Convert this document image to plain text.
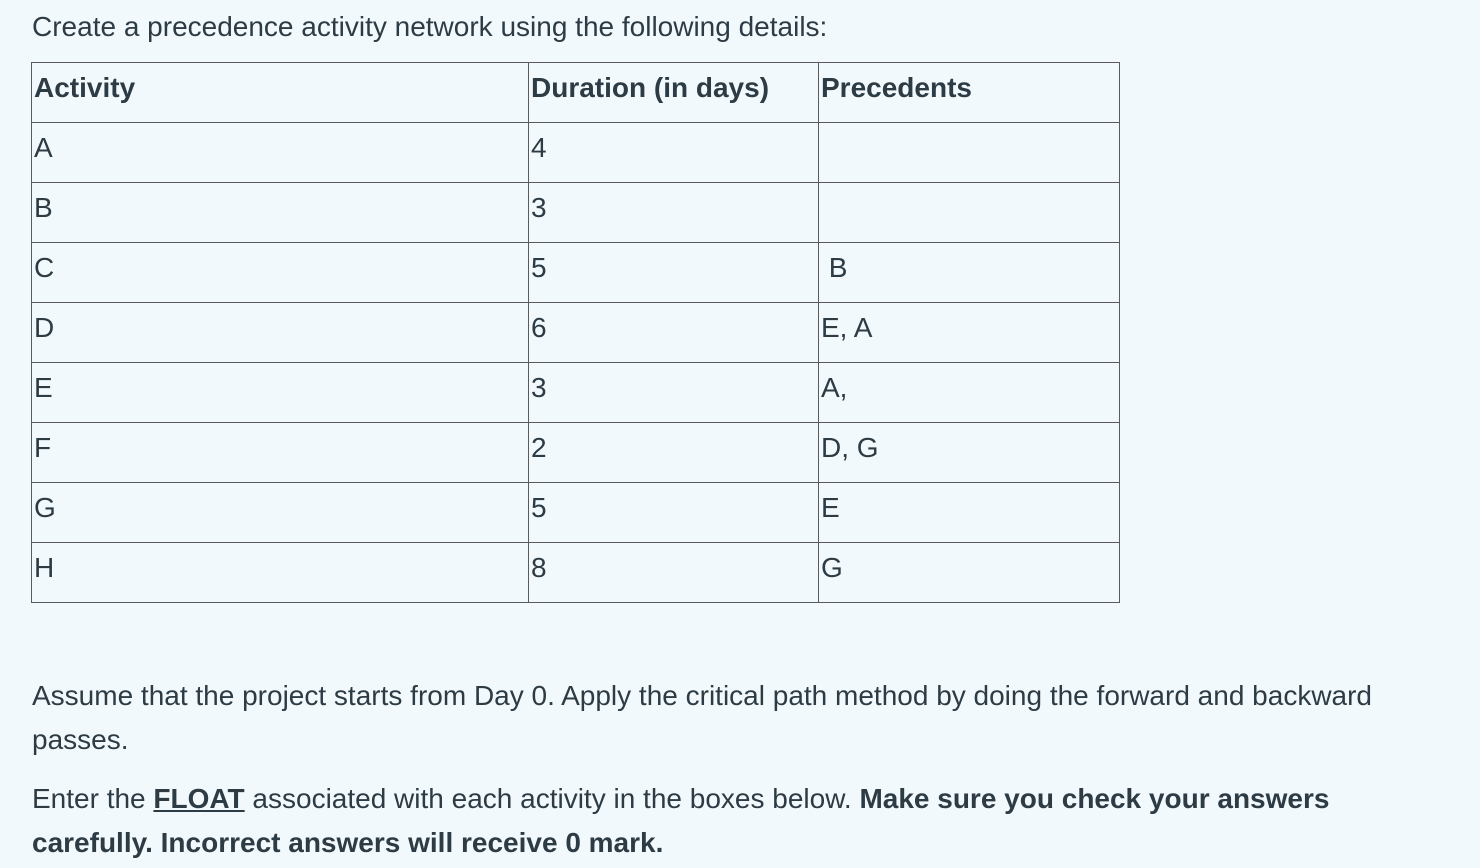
Create a precedence activity network using the following details:

Activity	Duration (in days)	Precedents
A	4	
B	3	
C	5	B
D	6	E, A
E	3	A,
F	2	D, G
G	5	E
H	8	G

Assume that the project starts from Day 0. Apply the critical path method by doing the forward and backward passes.

Enter the FLOAT associated with each activity in the boxes below. Make sure you check your answers carefully. Incorrect answers will receive 0 mark.
